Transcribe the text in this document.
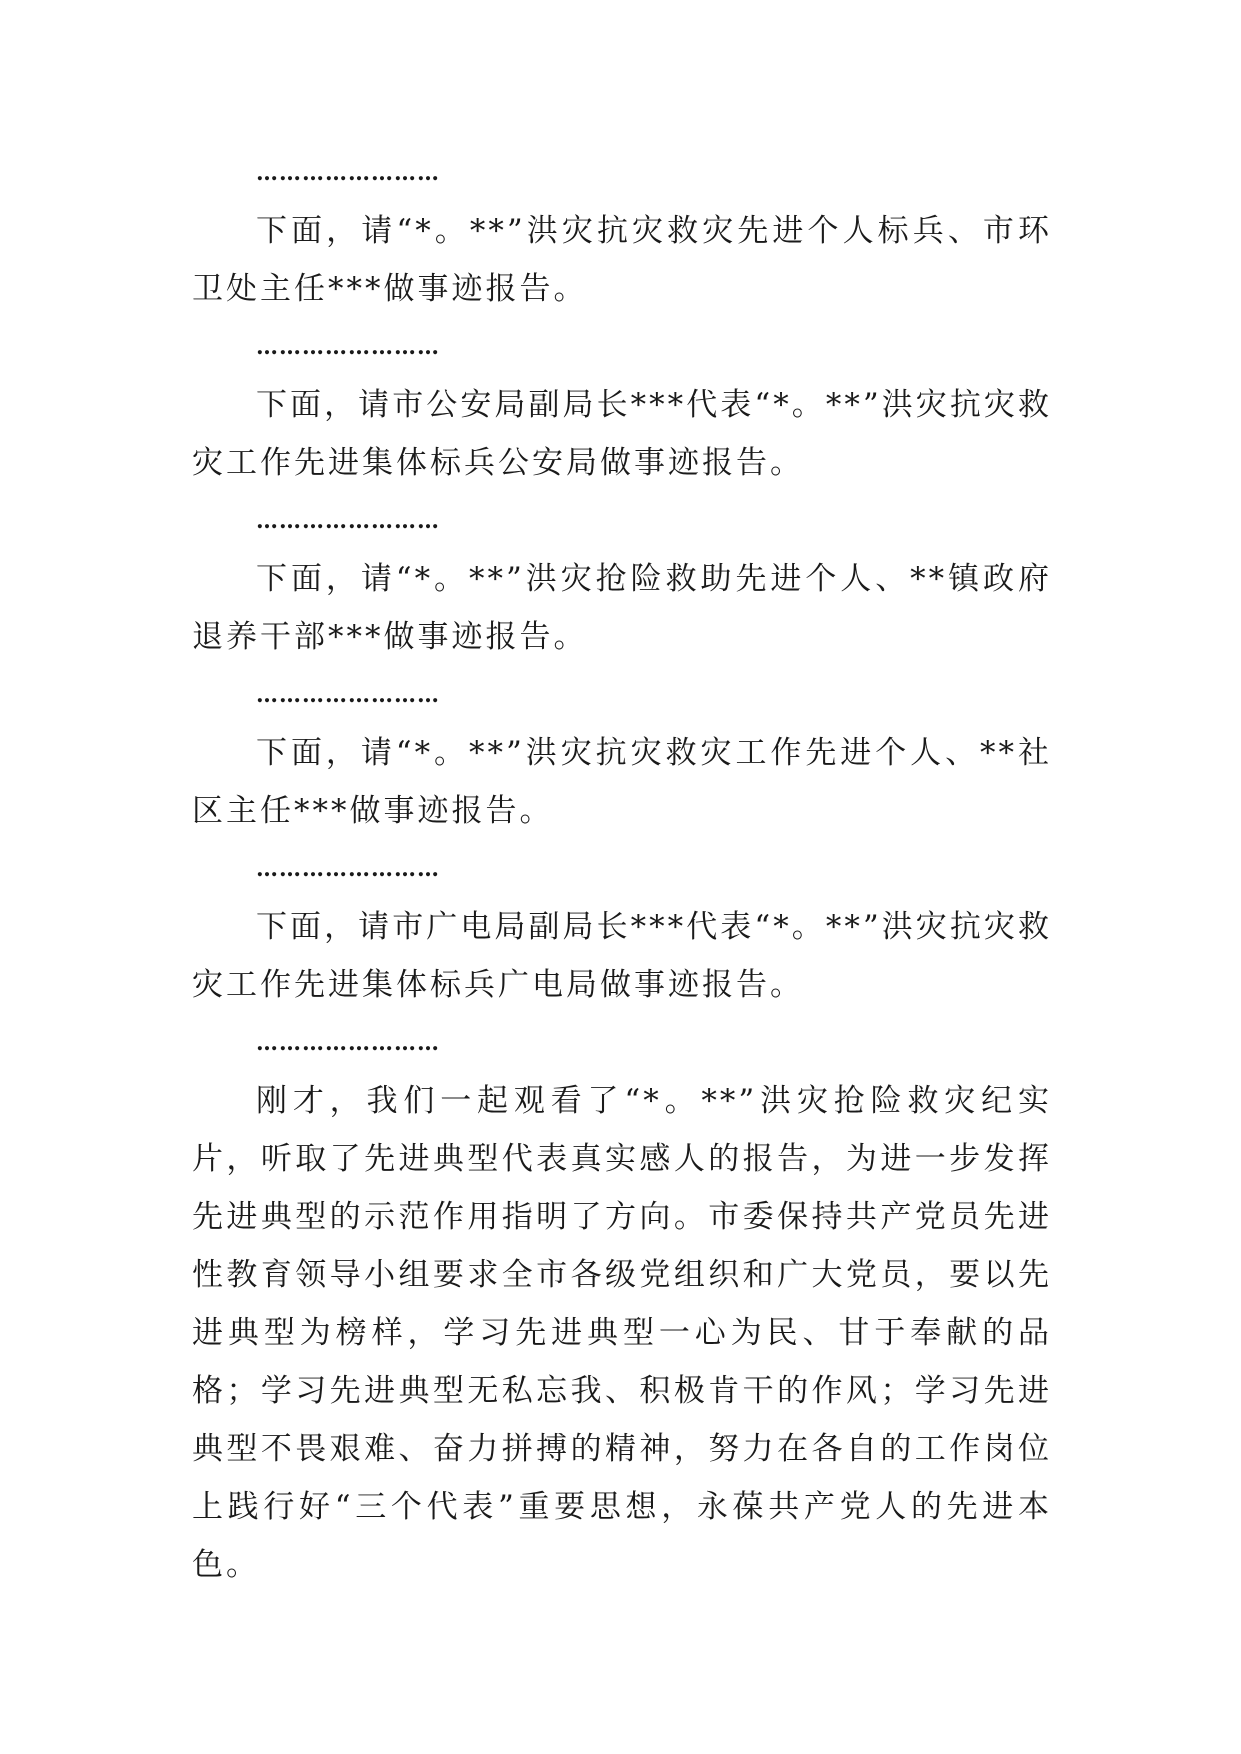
……………………

下面，请“*。**”洪灾抗灾救灾先进个人标兵、市环卫处主任***做事迹报告。

……………………

下面，请市公安局副局长***代表“*。**”洪灾抗灾救灾工作先进集体标兵公安局做事迹报告。

……………………

下面，请“*。**”洪灾抢险救助先进个人、**镇政府退养干部***做事迹报告。

……………………

下面，请“*。**”洪灾抗灾救灾工作先进个人、**社区主任***做事迹报告。

……………………

下面，请市广电局副局长***代表“*。**”洪灾抗灾救灾工作先进集体标兵广电局做事迹报告。

……………………

刚才，我们一起观看了“*。**”洪灾抢险救灾纪实片，听取了先进典型代表真实感人的报告，为进一步发挥先进典型的示范作用指明了方向。市委保持共产党员先进性教育领导小组要求全市各级党组织和广大党员，要以先进典型为榜样，学习先进典型一心为民、甘于奉献的品格；学习先进典型无私忘我、积极肯干的作风；学习先进典型不畏艰难、奋力拼搏的精神，努力在各自的工作岗位上践行好“三个代表”重要思想，永葆共产党人的先进本色。
